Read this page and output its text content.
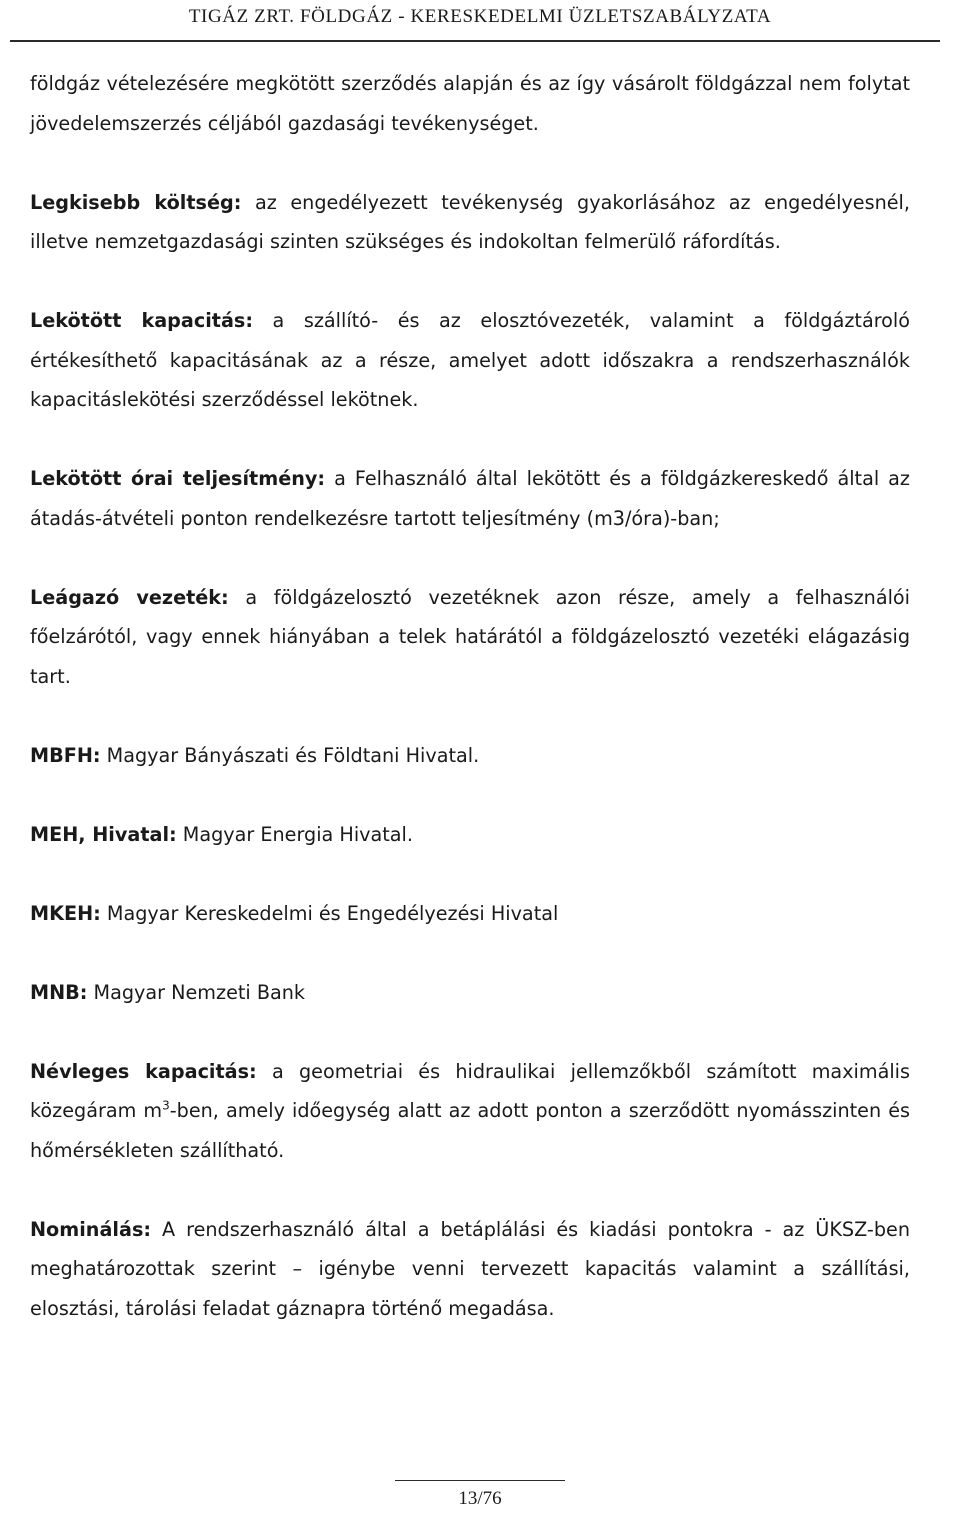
TIGÁZ ZRT. FÖLDGÁZ - KERESKEDELMI ÜZLETSZABÁLYZATA

földgáz vételezésére megkötött szerződés alapján és az így vásárolt földgázzal nem folytat jövedelemszerzés céljából gazdasági tevékenységet.

Legkisebb költség: az engedélyezett tevékenység gyakorlásához az engedélyesnél, illetve nemzetgazdasági szinten szükséges és indokoltan felmerülő ráfordítás.

Lekötött kapacitás: a szállító- és az elosztóvezeték, valamint a földgáztároló értékesíthető kapacitásának az a része, amelyet adott időszakra a rendszerhasználók kapacitáslekötési szerződéssel lekötnek.

Lekötött órai teljesítmény: a Felhasználó által lekötött és a földgázkereskedő által az átadás-átvételi ponton rendelkezésre tartott teljesítmény (m3/óra)-ban;

Leágazó vezeték: a földgázelosztó vezetéknek azon része, amely a felhasználói főelzárótól, vagy ennek hiányában a telek határától a földgázelosztó vezetéki elágazásig tart.

MBFH: Magyar Bányászati és Földtani Hivatal.

MEH, Hivatal: Magyar Energia Hivatal.

MKEH: Magyar Kereskedelmi és Engedélyezési Hivatal

MNB: Magyar Nemzeti Bank

Névleges kapacitás: a geometriai és hidraulikai jellemzőkből számított maximális közegáram $m^3$-ben, amely időegység alatt az adott ponton a szerződött nyomásszinten és hőmérsékleten szállítható.

Nominálás: A rendszerhasználó által a betáplálási és kiadási pontokra - az ÜKSZ-ben meghatározottak szerint – igénybe venni tervezett kapacitás valamint a szállítási, elosztási, tárolási feladat gáznapra történő megadása.

13/76
